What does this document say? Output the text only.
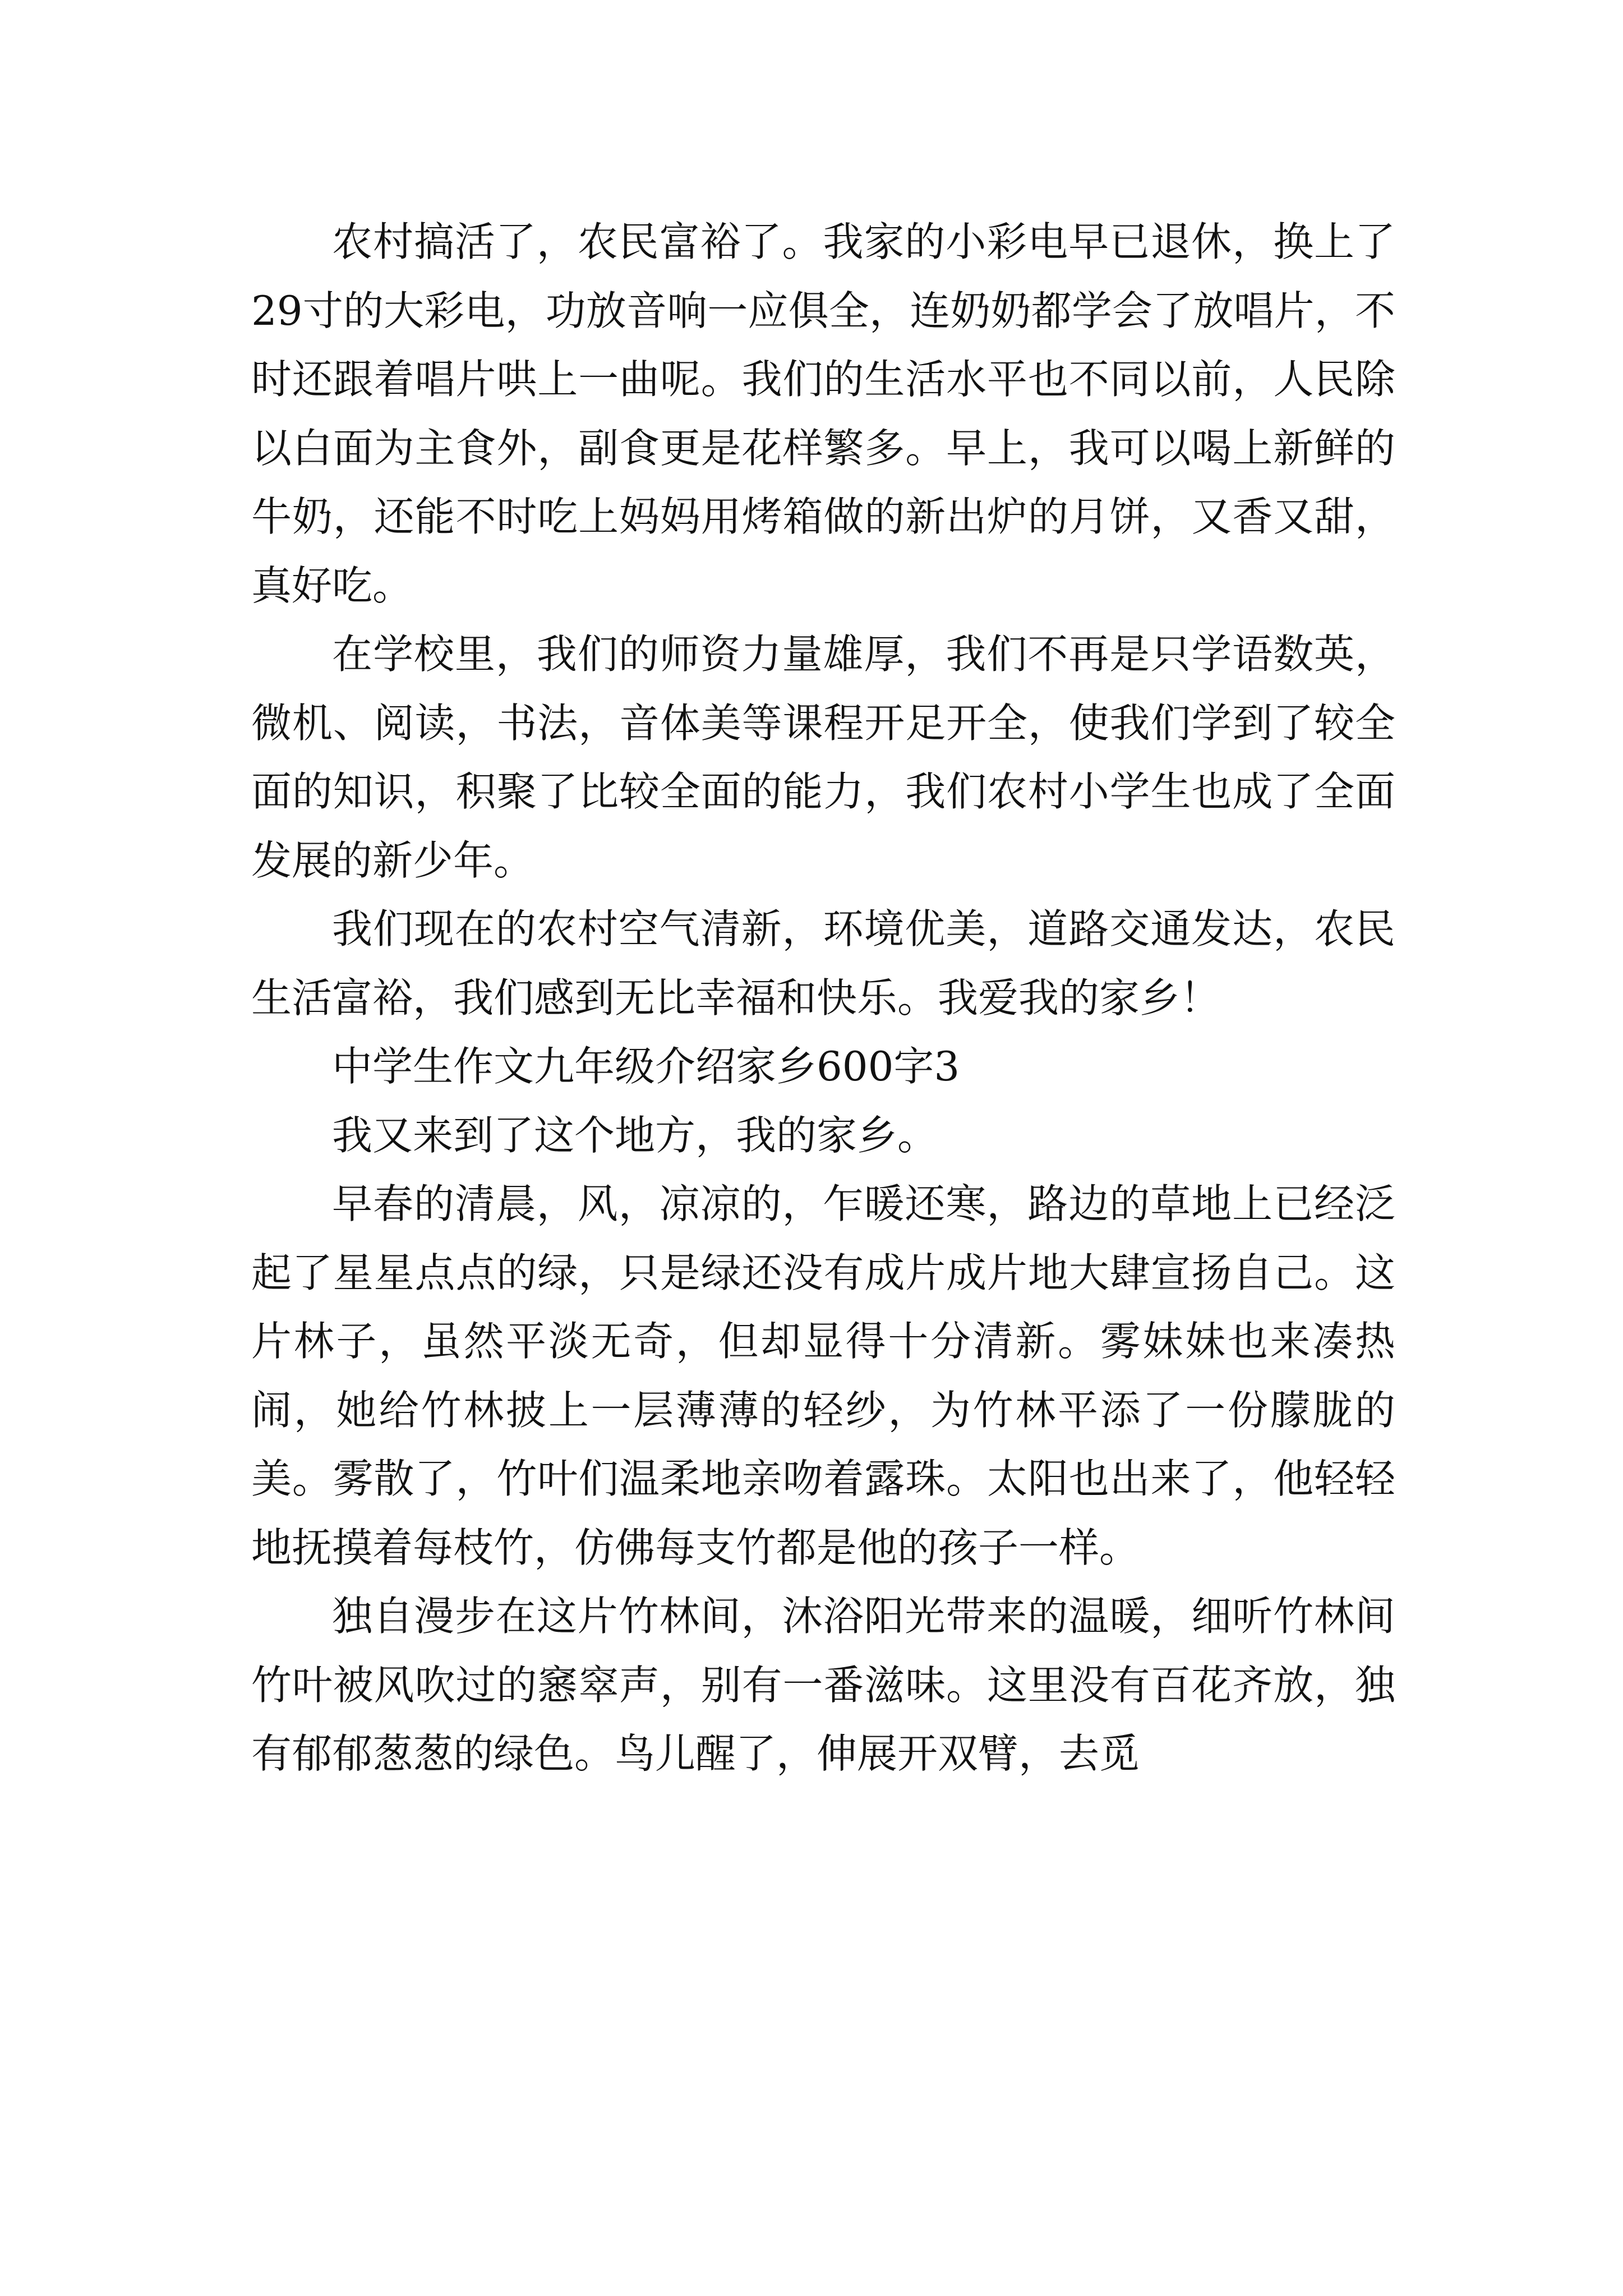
农村搞活了，农民富裕了。我家的小彩电早已退休，换上了29寸的大彩电，功放音响一应俱全，连奶奶都学会了放唱片，不时还跟着唱片哄上一曲呢。我们的生活水平也不同以前，人民除以白面为主食外，副食更是花样繁多。早上，我可以喝上新鲜的牛奶，还能不时吃上妈妈用烤箱做的新出炉的月饼，又香又甜，真好吃。

在学校里，我们的师资力量雄厚，我们不再是只学语数英，微机、阅读，书法，音体美等课程开足开全，使我们学到了较全面的知识，积聚了比较全面的能力，我们农村小学生也成了全面发展的新少年。

我们现在的农村空气清新，环境优美，道路交通发达，农民生活富裕，我们感到无比幸福和快乐。我爱我的家乡！

中学生作文九年级介绍家乡600字3

我又来到了这个地方，我的家乡。

早春的清晨，风，凉凉的，乍暖还寒，路边的草地上已经泛起了星星点点的绿，只是绿还没有成片成片地大肆宣扬自己。这片林子，虽然平淡无奇，但却显得十分清新。雾妹妹也来凑热闹，她给竹林披上一层薄薄的轻纱，为竹林平添了一份朦胧的美。雾散了，竹叶们温柔地亲吻着露珠。太阳也出来了，他轻轻地抚摸着每枝竹，仿佛每支竹都是他的孩子一样。

独自漫步在这片竹林间，沐浴阳光带来的温暖，细听竹林间竹叶被风吹过的窸窣声，别有一番滋味。这里没有百花齐放，独有郁郁葱葱的绿色。鸟儿醒了，伸展开双臂，去觅
